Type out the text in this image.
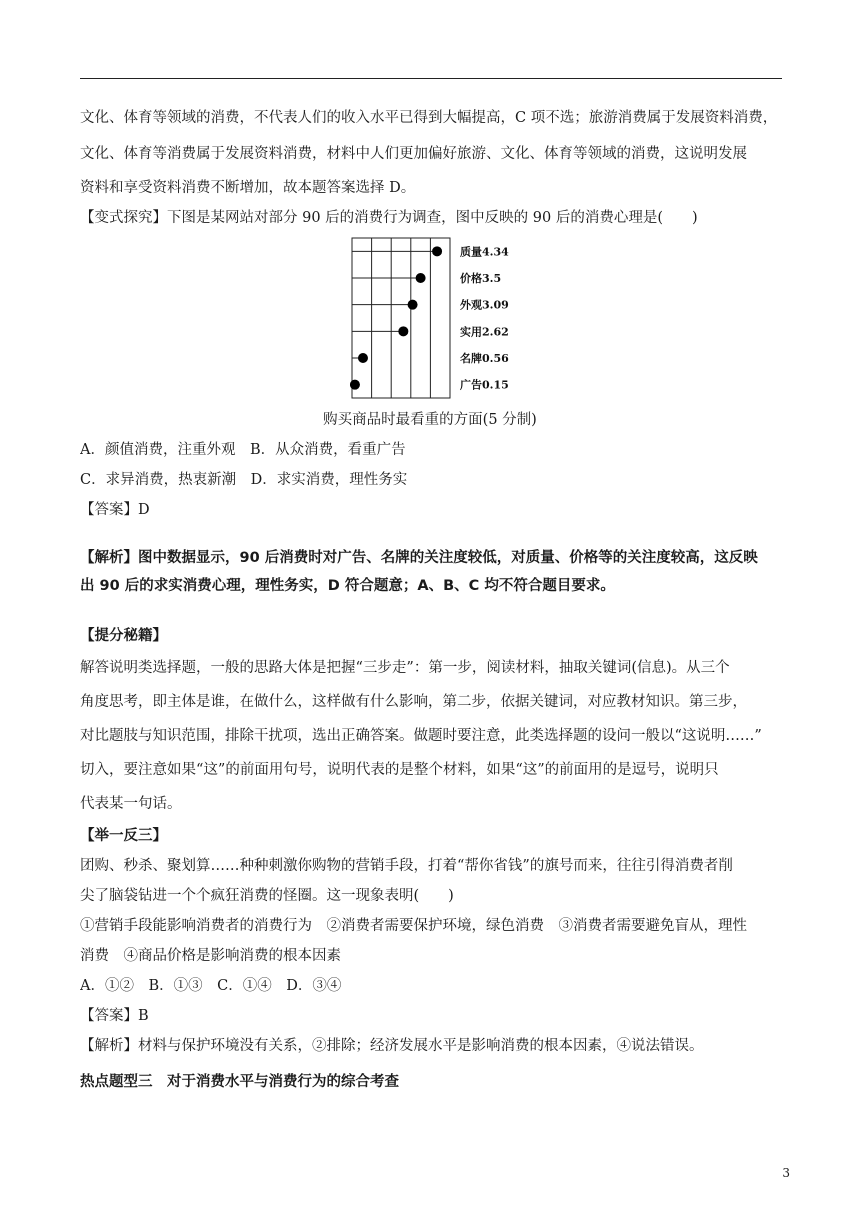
文化、体育等领域的消费，不代表人们的收入水平已得到大幅提高，C 项不选；旅游消费属于发展资料消费，
文化、体育等消费属于发展资料消费，材料中人们更加偏好旅游、文化、体育等领域的消费，这说明发展
资料和享受资料消费不断增加，故本题答案选择 D。
【变式探究】下图是某网站对部分 90 后的消费行为调查，图中反映的 90 后的消费心理是(　　)
质量4.34
价格3.5
外观3.09
实用2.62
名牌0.56
广告0.15
购买商品时最看重的方面(5 分制)
A．颜值消费，注重外观　B．从众消费，看重广告
C．求异消费，热衷新潮　D．求实消费，理性务实
【答案】D
【解析】图中数据显示，90 后消费时对广告、名牌的关注度较低，对质量、价格等的关注度较高，这反映
出 90 后的求实消费心理，理性务实，D 符合题意；A、B、C 均不符合题目要求。
【提分秘籍】
解答说明类选择题，一般的思路大体是把握“三步走”：第一步，阅读材料，抽取关键词(信息)。从三个
角度思考，即主体是谁，在做什么，这样做有什么影响，第二步，依据关键词，对应教材知识。第三步，
对比题肢与知识范围，排除干扰项，选出正确答案。做题时要注意，此类选择题的设问一般以“这说明……”
切入，要注意如果“这”的前面用句号，说明代表的是整个材料，如果“这”的前面用的是逗号，说明只
代表某一句话。
【举一反三】
团购、秒杀、聚划算……种种刺激你购物的营销手段，打着“帮你省钱”的旗号而来，往往引得消费者削
尖了脑袋钻进一个个疯狂消费的怪圈。这一现象表明(　　)
①营销手段能影响消费者的消费行为　②消费者需要保护环境，绿色消费　③消费者需要避免盲从，理性
消费　④商品价格是影响消费的根本因素
A．①②　B．①③　C．①④　D．③④
【答案】B
【解析】材料与保护环境没有关系，②排除；经济发展水平是影响消费的根本因素，④说法错误。
热点题型三　对于消费水平与消费行为的综合考查
3
